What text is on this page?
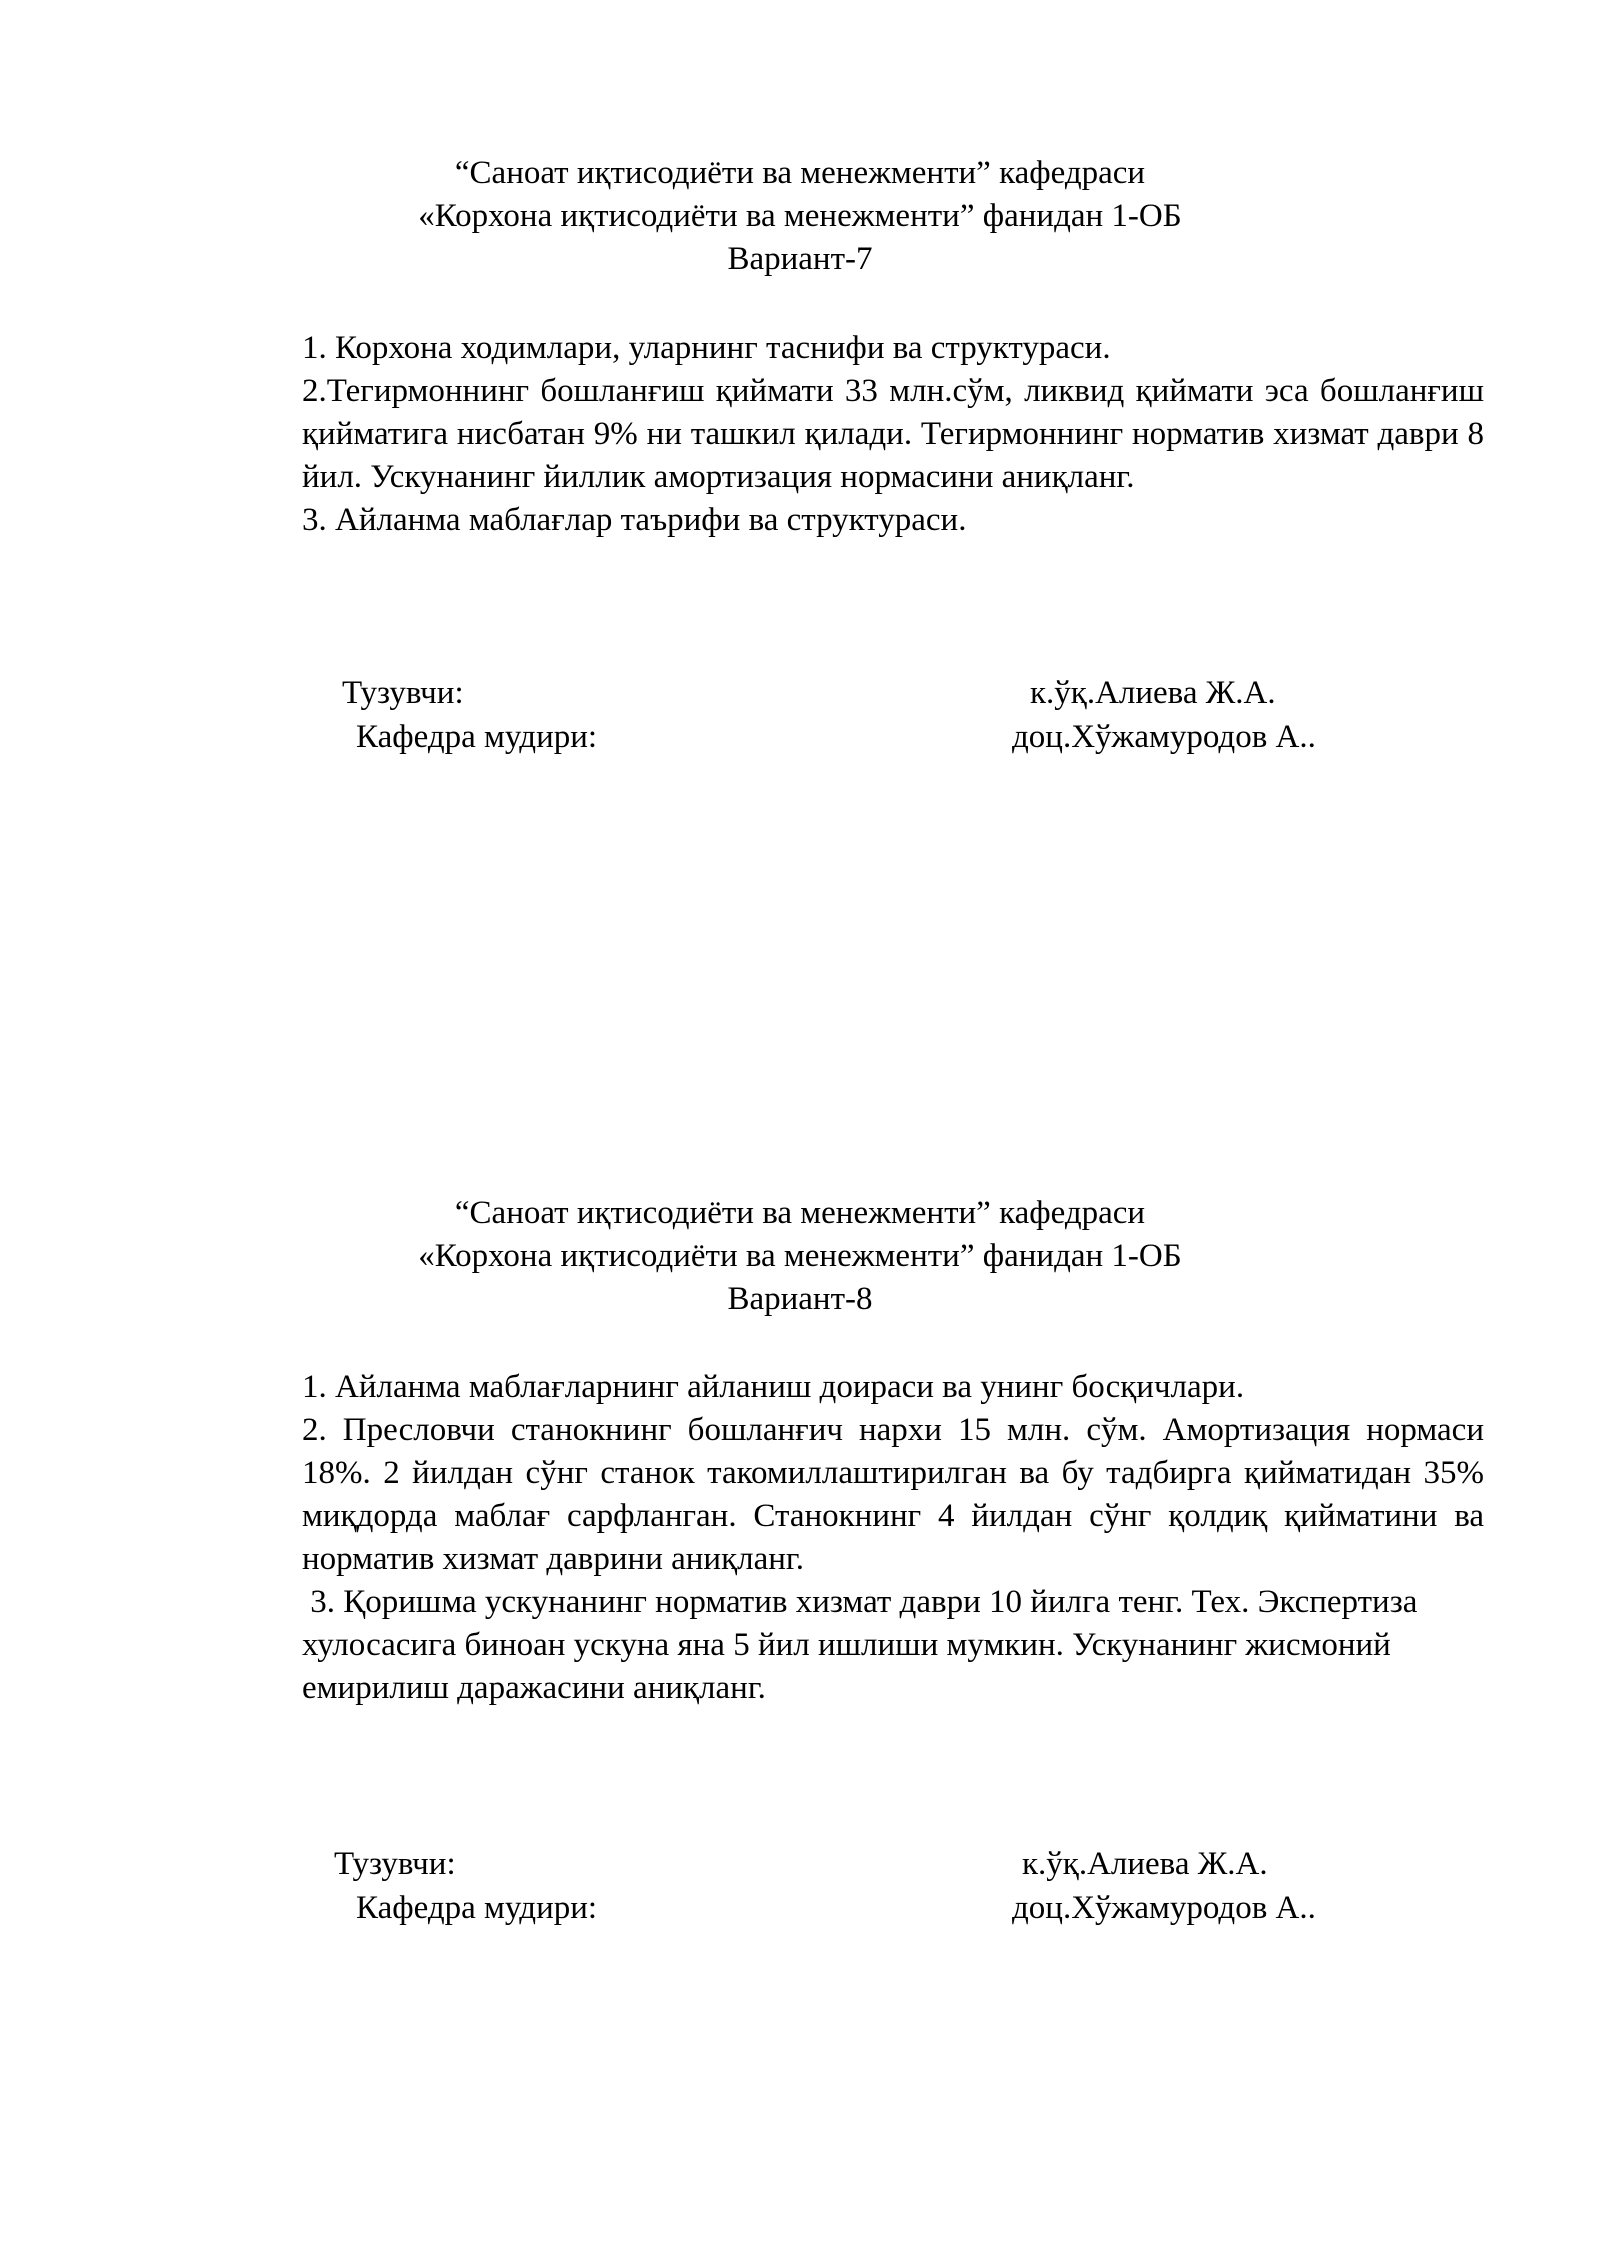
“Саноат иқтисодиёти ва менежменти” кафедраси
«Корхона иқтисодиёти ва менежменти” фанидан 1-ОБ
Вариант-7

1. Корхона ходимлари, уларнинг таснифи ва структураси.

2.Тегирмоннинг бошланғиш қиймати 33 млн.сўм, ликвид қиймати эса бошланғиш қийматига нисбатан 9% ни ташкил қилади. Тегирмоннинг норматив хизмат даври 8 йил. Ускунанинг йиллик амортизация нормасини аниқланг.

3. Айланма маблағлар таърифи ва структураси.

Тузувчи:	к.ўқ.Алиева Ж.А.
Кафедра мудири:	доц.Хўжамуродов А..
“Саноат иқтисодиёти ва менежменти” кафедраси
«Корхона иқтисодиёти ва менежменти” фанидан 1-ОБ
Вариант-8

1. Айланма маблағларнинг айланиш доираси ва унинг босқичлари.

2. Пресловчи станокнинг бошланғич нархи 15 млн. сўм. Амортизация нормаси 18%. 2 йилдан сўнг станок такомиллаштирилган ва бу тадбирга қийматидан 35% миқдорда маблағ сарфланган. Станокнинг 4 йилдан сўнг қолдиқ қийматини ва норматив хизмат даврини аниқланг.

3. Қоришма ускунанинг норматив хизмат даври 10 йилга тенг. Тех. Экспертиза хулосасига биноан ускуна яна 5 йил ишлиши мумкин. Ускунанинг жисмоний емирилиш даражасини аниқланг.

Тузувчи:	к.ўқ.Алиева Ж.А.
Кафедра мудири:	доц.Хўжамуродов А..
